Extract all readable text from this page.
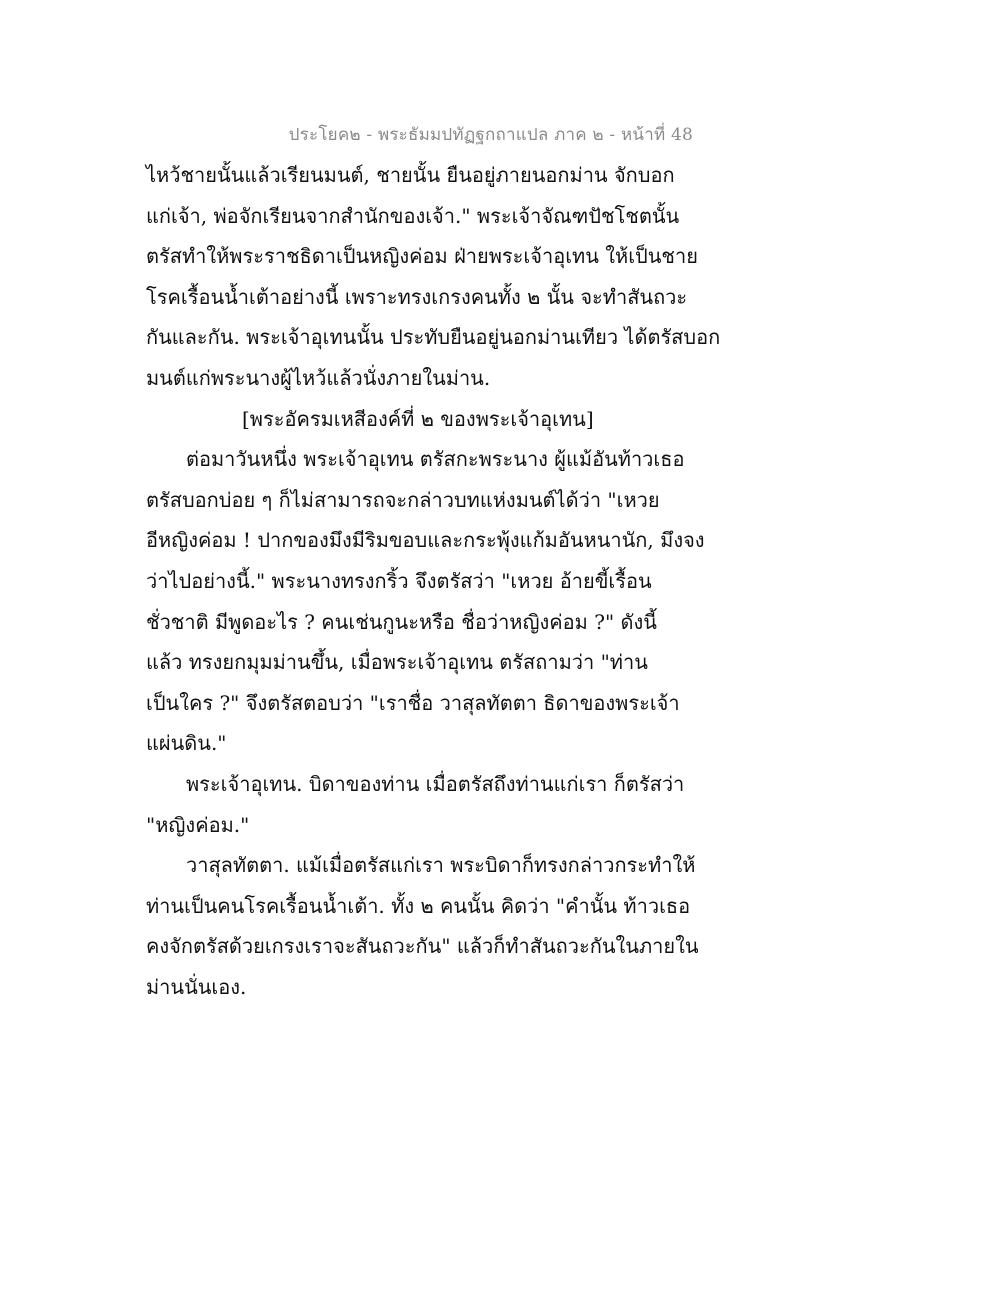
ประโยค๒ - พระธัมมปทัฏฐกถาแปล ภาค ๒ - หน้าที่ 48
ไหว้ชายนั้นแล้วเรียนมนต์, ชายนั้น ยืนอยู่ภายนอกม่าน จักบอก
แก่เจ้า, พ่อจักเรียนจากสำนักของเจ้า." พระเจ้าจัณฑปัชโชตนั้น
ตรัสทำให้พระราชธิดาเป็นหญิงค่อม ฝ่ายพระเจ้าอุเทน ให้เป็นชาย
โรคเรื้อนน้ำเต้าอย่างนี้ เพราะทรงเกรงคนทั้ง ๒ นั้น จะทำสันถวะ
กันและกัน. พระเจ้าอุเทนนั้น ประทับยืนอยู่นอกม่านเทียว ได้ตรัสบอก
มนต์แก่พระนางผู้ไหว้แล้วนั่งภายในม่าน.
[พระอัครมเหสีองค์ที่ ๒ ของพระเจ้าอุเทน]
ต่อมาวันหนึ่ง พระเจ้าอุเทน ตรัสกะพระนาง ผู้แม้อันท้าวเธอ
ตรัสบอกบ่อย ๆ ก็ไม่สามารถจะกล่าวบทแห่งมนต์ได้ว่า "เหวย
อีหญิงค่อม ! ปากของมึงมีริมขอบและกระพุ้งแก้มอันหนานัก, มึงจง
ว่าไปอย่างนี้." พระนางทรงกริ้ว จึงตรัสว่า "เหวย อ้ายขี้เรื้อน
ชั่วชาติ มีพูดอะไร ? คนเช่นกูนะหรือ ชื่อว่าหญิงค่อม ?" ดังนี้
แล้ว ทรงยกมุมม่านขึ้น, เมื่อพระเจ้าอุเทน ตรัสถามว่า "ท่าน
เป็นใคร ?" จึงตรัสตอบว่า "เราชื่อ วาสุลทัตตา ธิดาของพระเจ้า
แผ่นดิน."
พระเจ้าอุเทน. บิดาของท่าน เมื่อตรัสถึงท่านแก่เรา ก็ตรัสว่า
"หญิงค่อม."
วาสุลทัตตา. แม้เมื่อตรัสแก่เรา พระบิดาก็ทรงกล่าวกระทำให้
ท่านเป็นคนโรคเรื้อนน้ำเต้า. ทั้ง ๒ คนนั้น คิดว่า "คำนั้น ท้าวเธอ
คงจักตรัสด้วยเกรงเราจะสันถวะกัน" แล้วก็ทำสันถวะกันในภายใน
ม่านนั่นเอง.
